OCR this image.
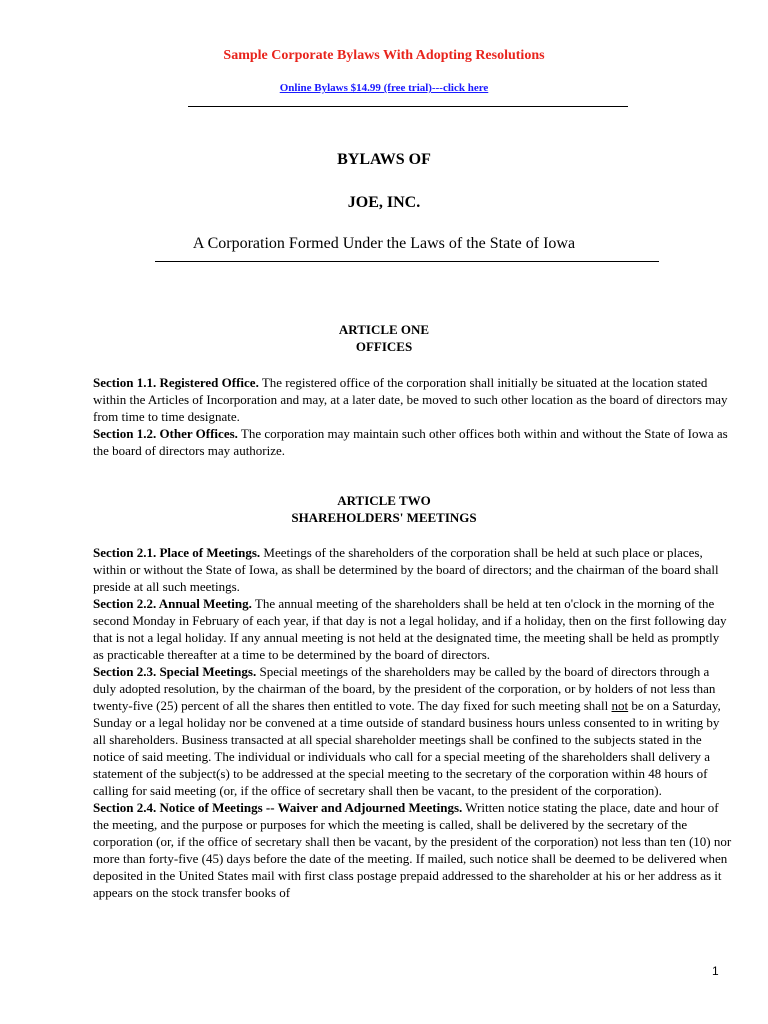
Sample Corporate Bylaws With Adopting Resolutions
Online Bylaws $14.99 (free trial)---click here
BYLAWS OF
JOE, INC.
A Corporation Formed Under the Laws of the State of Iowa
ARTICLE ONE
OFFICES

Section 1.1. Registered Office. The registered office of the corporation shall initially be situated at the location stated within the Articles of Incorporation and may, at a later date, be moved to such other location as the board of directors may from time to time designate.

Section 1.2. Other Offices. The corporation may maintain such other offices both within and without the State of Iowa as the board of directors may authorize.

ARTICLE TWO
SHAREHOLDERS' MEETINGS

Section 2.1. Place of Meetings. Meetings of the shareholders of the corporation shall be held at such place or places, within or without the State of Iowa, as shall be determined by the board of directors; and the chairman of the board shall preside at all such meetings.

Section 2.2. Annual Meeting. The annual meeting of the shareholders shall be held at ten o'clock in the morning of the second Monday in February of each year, if that day is not a legal holiday, and if a holiday, then on the first following day that is not a legal holiday. If any annual meeting is not held at the designated time, the meeting shall be held as promptly as practicable thereafter at a time to be determined by the board of directors.

Section 2.3. Special Meetings. Special meetings of the shareholders may be called by the board of directors through a duly adopted resolution, by the chairman of the board, by the president of the corporation, or by holders of not less than twenty-five (25) percent of all the shares then entitled to vote. The day fixed for such meeting shall not be on a Saturday, Sunday or a legal holiday nor be convened at a time outside of standard business hours unless consented to in writing by all shareholders. Business transacted at all special shareholder meetings shall be confined to the subjects stated in the notice of said meeting. The individual or individuals who call for a special meeting of the shareholders shall delivery a statement of the subject(s) to be addressed at the special meeting to the secretary of the corporation within 48 hours of calling for said meeting (or, if the office of secretary shall then be vacant, to the president of the corporation).

Section 2.4. Notice of Meetings -- Waiver and Adjourned Meetings. Written notice stating the place, date and hour of the meeting, and the purpose or purposes for which the meeting is called, shall be delivered by the secretary of the corporation (or, if the office of secretary shall then be vacant, by the president of the corporation) not less than ten (10) nor more than forty-five (45) days before the date of the meeting. If mailed, such notice shall be deemed to be delivered when deposited in the United States mail with first class postage prepaid addressed to the shareholder at his or her address as it appears on the stock transfer books of

1
